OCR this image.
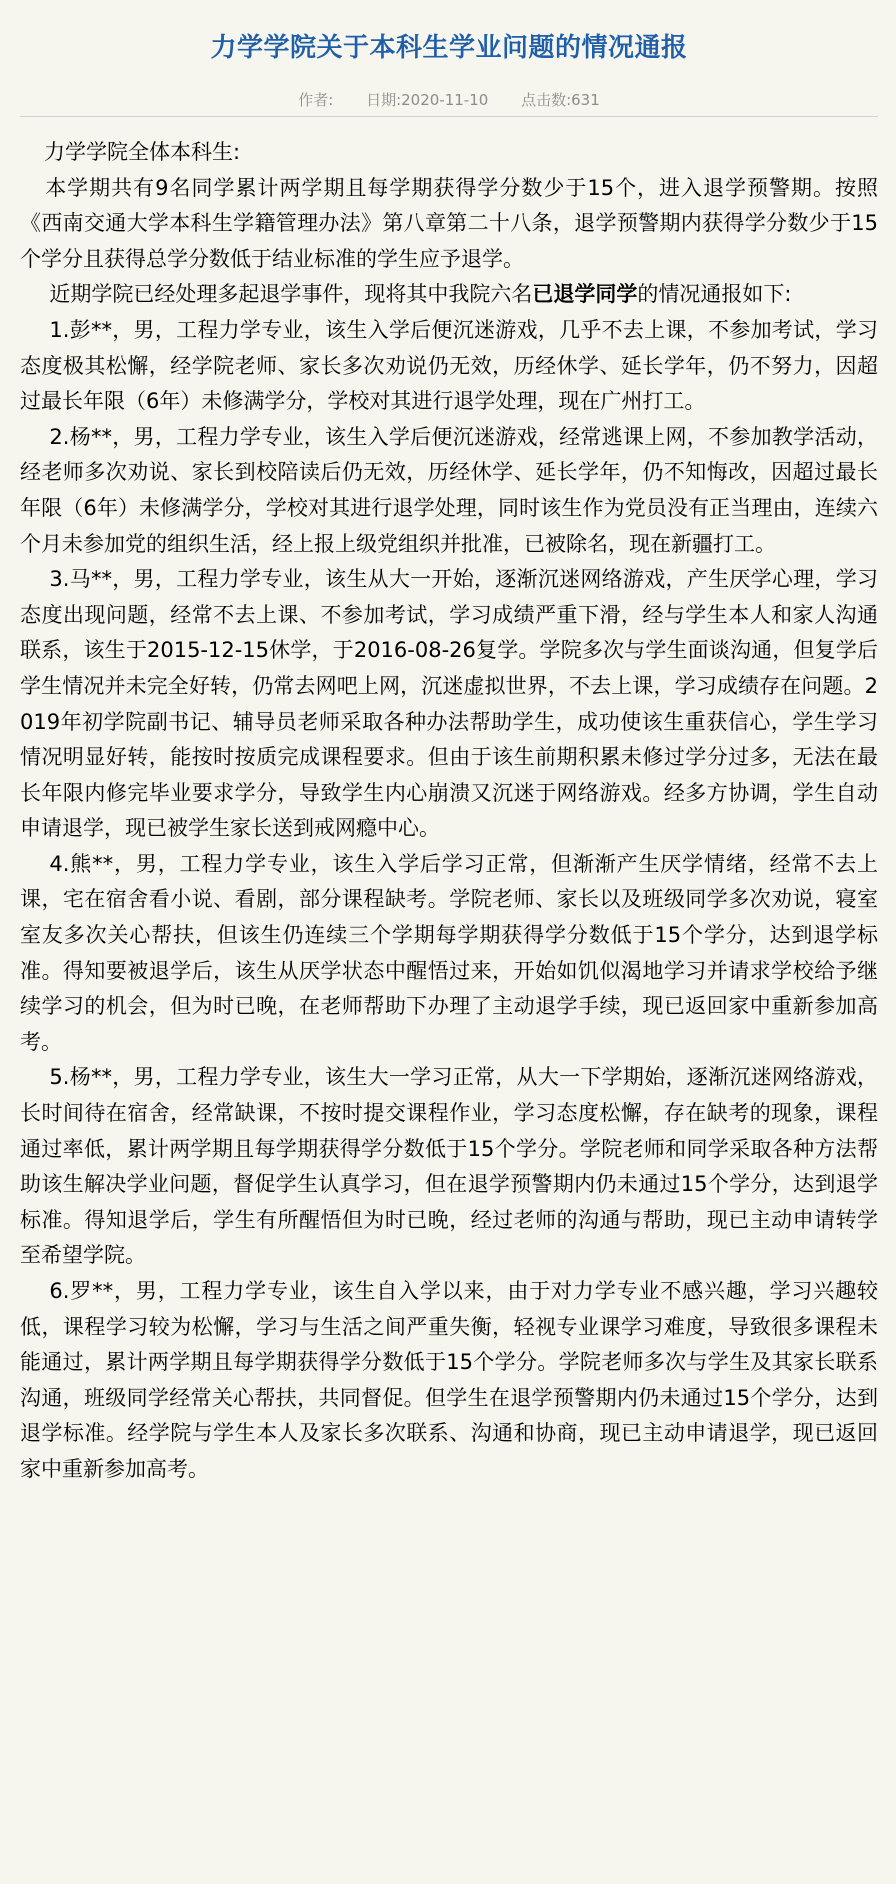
力学学院关于本科生学业问题的情况通报
作者: 日期:2020-11-10 点击数:631

力学学院全体本科生:

本学期共有9名同学累计两学期且每学期获得学分数少于15个，进入退学预警期。按照《西南交通大学本科生学籍管理办法》第八章第二十八条，退学预警期内获得学分数少于15个学分且获得总学分数低于结业标准的学生应予退学。

近期学院已经处理多起退学事件，现将其中我院六名已退学同学的情况通报如下:

1.彭**，男，工程力学专业，该生入学后便沉迷游戏，几乎不去上课，不参加考试，学习态度极其松懈，经学院老师、家长多次劝说仍无效，历经休学、延长学年，仍不努力，因超过最长年限（6年）未修满学分，学校对其进行退学处理，现在广州打工。

2.杨**，男，工程力学专业，该生入学后便沉迷游戏，经常逃课上网，不参加教学活动，经老师多次劝说、家长到校陪读后仍无效，历经休学、延长学年，仍不知悔改，因超过最长年限（6年）未修满学分，学校对其进行退学处理，同时该生作为党员没有正当理由，连续六个月未参加党的组织生活，经上报上级党组织并批准，已被除名，现在新疆打工。

3.马**，男，工程力学专业，该生从大一开始，逐渐沉迷网络游戏，产生厌学心理，学习态度出现问题，经常不去上课、不参加考试，学习成绩严重下滑，经与学生本人和家人沟通联系，该生于2015-12-15休学，于2016-08-26复学。学院多次与学生面谈沟通，但复学后学生情况并未完全好转，仍常去网吧上网，沉迷虚拟世界，不去上课，学习成绩存在问题。2019年初学院副书记、辅导员老师采取各种办法帮助学生，成功使该生重获信心，学生学习情况明显好转，能按时按质完成课程要求。但由于该生前期积累未修过学分过多，无法在最长年限内修完毕业要求学分，导致学生内心崩溃又沉迷于网络游戏。经多方协调，学生自动申请退学，现已被学生家长送到戒网瘾中心。

4.熊**，男，工程力学专业，该生入学后学习正常，但渐渐产生厌学情绪，经常不去上课，宅在宿舍看小说、看剧，部分课程缺考。学院老师、家长以及班级同学多次劝说，寝室室友多次关心帮扶，但该生仍连续三个学期每学期获得学分数低于15个学分，达到退学标准。得知要被退学后，该生从厌学状态中醒悟过来，开始如饥似渴地学习并请求学校给予继续学习的机会，但为时已晚，在老师帮助下办理了主动退学手续，现已返回家中重新参加高考。

5.杨**，男，工程力学专业，该生大一学习正常，从大一下学期始，逐渐沉迷网络游戏，长时间待在宿舍，经常缺课，不按时提交课程作业，学习态度松懈，存在缺考的现象，课程通过率低，累计两学期且每学期获得学分数低于15个学分。学院老师和同学采取各种方法帮助该生解决学业问题，督促学生认真学习，但在退学预警期内仍未通过15个学分，达到退学标准。得知退学后，学生有所醒悟但为时已晚，经过老师的沟通与帮助，现已主动申请转学至希望学院。

6.罗**，男，工程力学专业，该生自入学以来，由于对力学专业不感兴趣，学习兴趣较低，课程学习较为松懈，学习与生活之间严重失衡，轻视专业课学习难度，导致很多课程未能通过，累计两学期且每学期获得学分数低于15个学分。学院老师多次与学生及其家长联系沟通，班级同学经常关心帮扶，共同督促。但学生在退学预警期内仍未通过15个学分，达到退学标准。经学院与学生本人及家长多次联系、沟通和协商，现已主动申请退学，现已返回家中重新参加高考。
